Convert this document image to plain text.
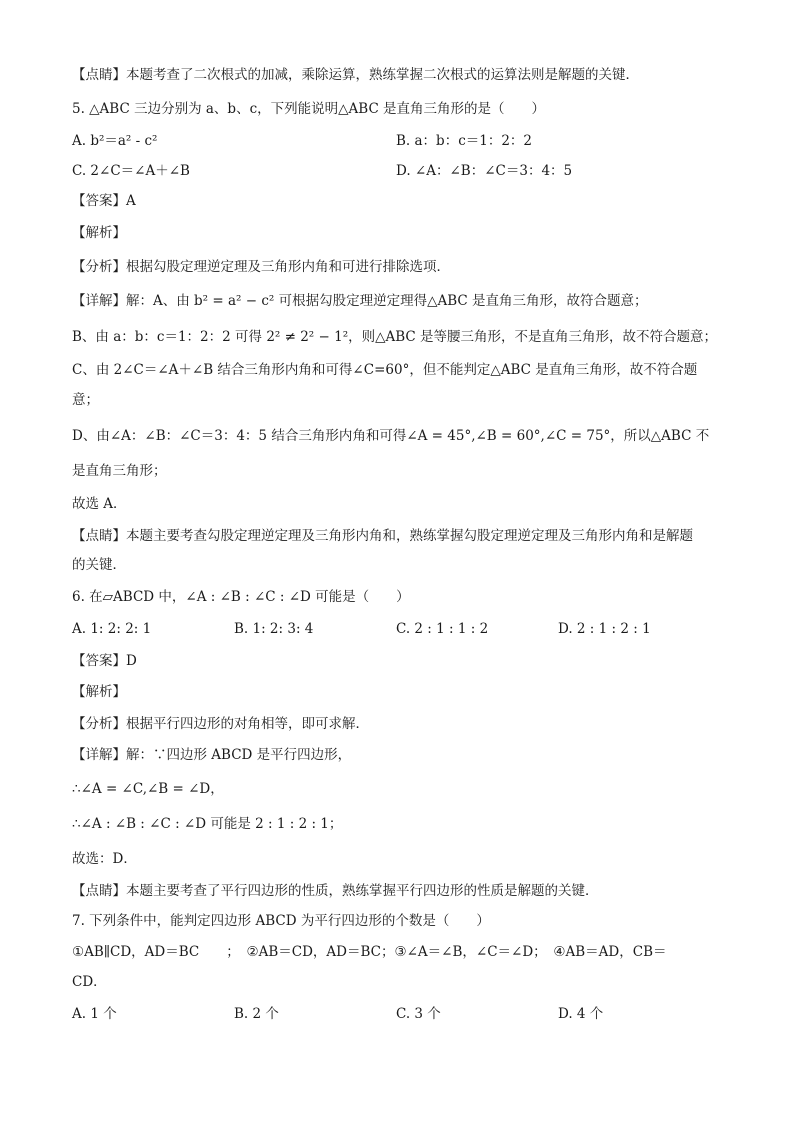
【点睛】本题考查了二次根式的加减，乘除运算，熟练掌握二次根式的运算法则是解题的关键．
5. △ABC 三边分别为 a、b、c，下列能说明△ABC 是直角三角形的是（　　）
A. b²＝a² - c²	B. a：b：c＝1：2：2
C. 2∠C＝∠A＋∠B	D. ∠A：∠B：∠C＝3：4：5
【答案】A
【解析】
【分析】根据勾股定理逆定理及三角形内角和可进行排除选项．
【详解】解：A、由 b² = a² − c² 可根据勾股定理逆定理得△ABC 是直角三角形，故符合题意；
B、由 a：b：c＝1：2：2 可得 2² ≠ 2² − 1²，则△ABC 是等腰三角形，不是直角三角形，故不符合题意；
C、由 2∠C＝∠A＋∠B 结合三角形内角和可得∠C=60°，但不能判定△ABC 是直角三角形，故不符合题
意；
D、由∠A：∠B：∠C＝3：4：5 结合三角形内角和可得∠A = 45°,∠B = 60°,∠C = 75°，所以△ABC 不
是直角三角形；
故选 A．
【点睛】本题主要考查勾股定理逆定理及三角形内角和，熟练掌握勾股定理逆定理及三角形内角和是解题
的关键．
6. 在▱ABCD 中，∠A : ∠B : ∠C : ∠D 可能是（　　）
A. 1: 2: 2: 1	B. 1: 2: 3: 4	C. 2 : 1 : 1 : 2	D. 2 : 1 : 2 : 1
【答案】D
【解析】
【分析】根据平行四边形的对角相等，即可求解．
【详解】解：∵四边形 ABCD 是平行四边形，
∴∠A = ∠C,∠B = ∠D，
∴∠A : ∠B : ∠C : ∠D 可能是 2 : 1 : 2 : 1；
故选：D．
【点睛】本题主要考查了平行四边形的性质，熟练掌握平行四边形的性质是解题的关键．
7. 下列条件中，能判定四边形 ABCD 为平行四边形的个数是（　　）
①AB∥CD，AD＝BC　　；　②AB＝CD，AD＝BC；③∠A＝∠B，∠C＝∠D；　④AB＝AD，CB＝
CD．
A. 1 个	B. 2 个	C. 3 个	D. 4 个
